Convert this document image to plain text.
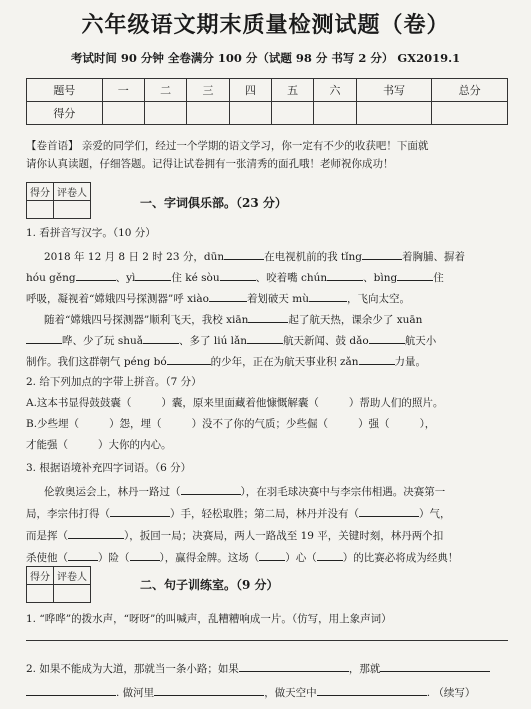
六年级语文期末质量检测试题（卷）
考试时间 90 分钟 全卷满分 100 分（试题 98 分 书写 2 分） GX2019.1
题号	一	二	三	四	五	六	书写	总分
得分								
【卷首语】 亲爱的同学们，经过一个学期的语文学习，你一定有不少的收获吧！下面就
请你认真读题，仔细答题。记得让试卷拥有一张清秀的面孔哦！老师祝你成功！
得分	评卷人

一、字词俱乐部。（23 分）
1. 看拼音写汉字。（10 分）
2018 年 12 月 8 日 2 时 23 分，dūn	在电视机前的我 tǐng	着胸脯、摒着
hóu gěng	、yì	住 ké sòu	、咬着嘴 chún	、bìng	住
呼吸，凝视着“嫦娥四号探测器”呼 xiào	着划破天 mù	，飞向太空。
随着“嫦娥四号探测器”顺利飞天，我校 xiān	起了航天热，课余少了 xuān
哗、少了玩 shuǎ	、多了 liú lǎn	航天新闻、鼓 dǎo	航天小
制作。我们这群朝气 péng bó	的少年，正在为航天事业积 zǎn	力量。
2. 给下列加点的字带上拼音。（7 分）
A.这本书显得鼓鼓囊（	）囊，原来里面藏着他慷慨解囊（	）帮助人们的照片。
B.少些埋（	）怨，埋（	）没不了你的气质；少些倔（	）强（	），
才能强（	）大你的内心。
3. 根据语境补充四字词语。（6 分）
伦敦奥运会上，林丹一路过（	），在羽毛球决赛中与李宗伟相遇。决赛第一
局，李宗伟打得（	）手，轻松取胜；第二局，林丹并没有（	）气，
而是挥（	），扳回一局；决赛局，两人一路战至 19 平，关键时刻，林丹两个扣
杀使他（	）险（	），赢得金牌。这场（ ）心（ ）的比赛必将成为经典！
得分	评卷人

二、句子训练室。（9 分）
1. “哗哗”的拨水声，“呀呀”的叫喊声，乱糟糟响成一片。（仿写，用上象声词）
2. 如果不能成为大道，那就当一条小路；如果	，那就
. 做河里	，做天空中	. （续写）
